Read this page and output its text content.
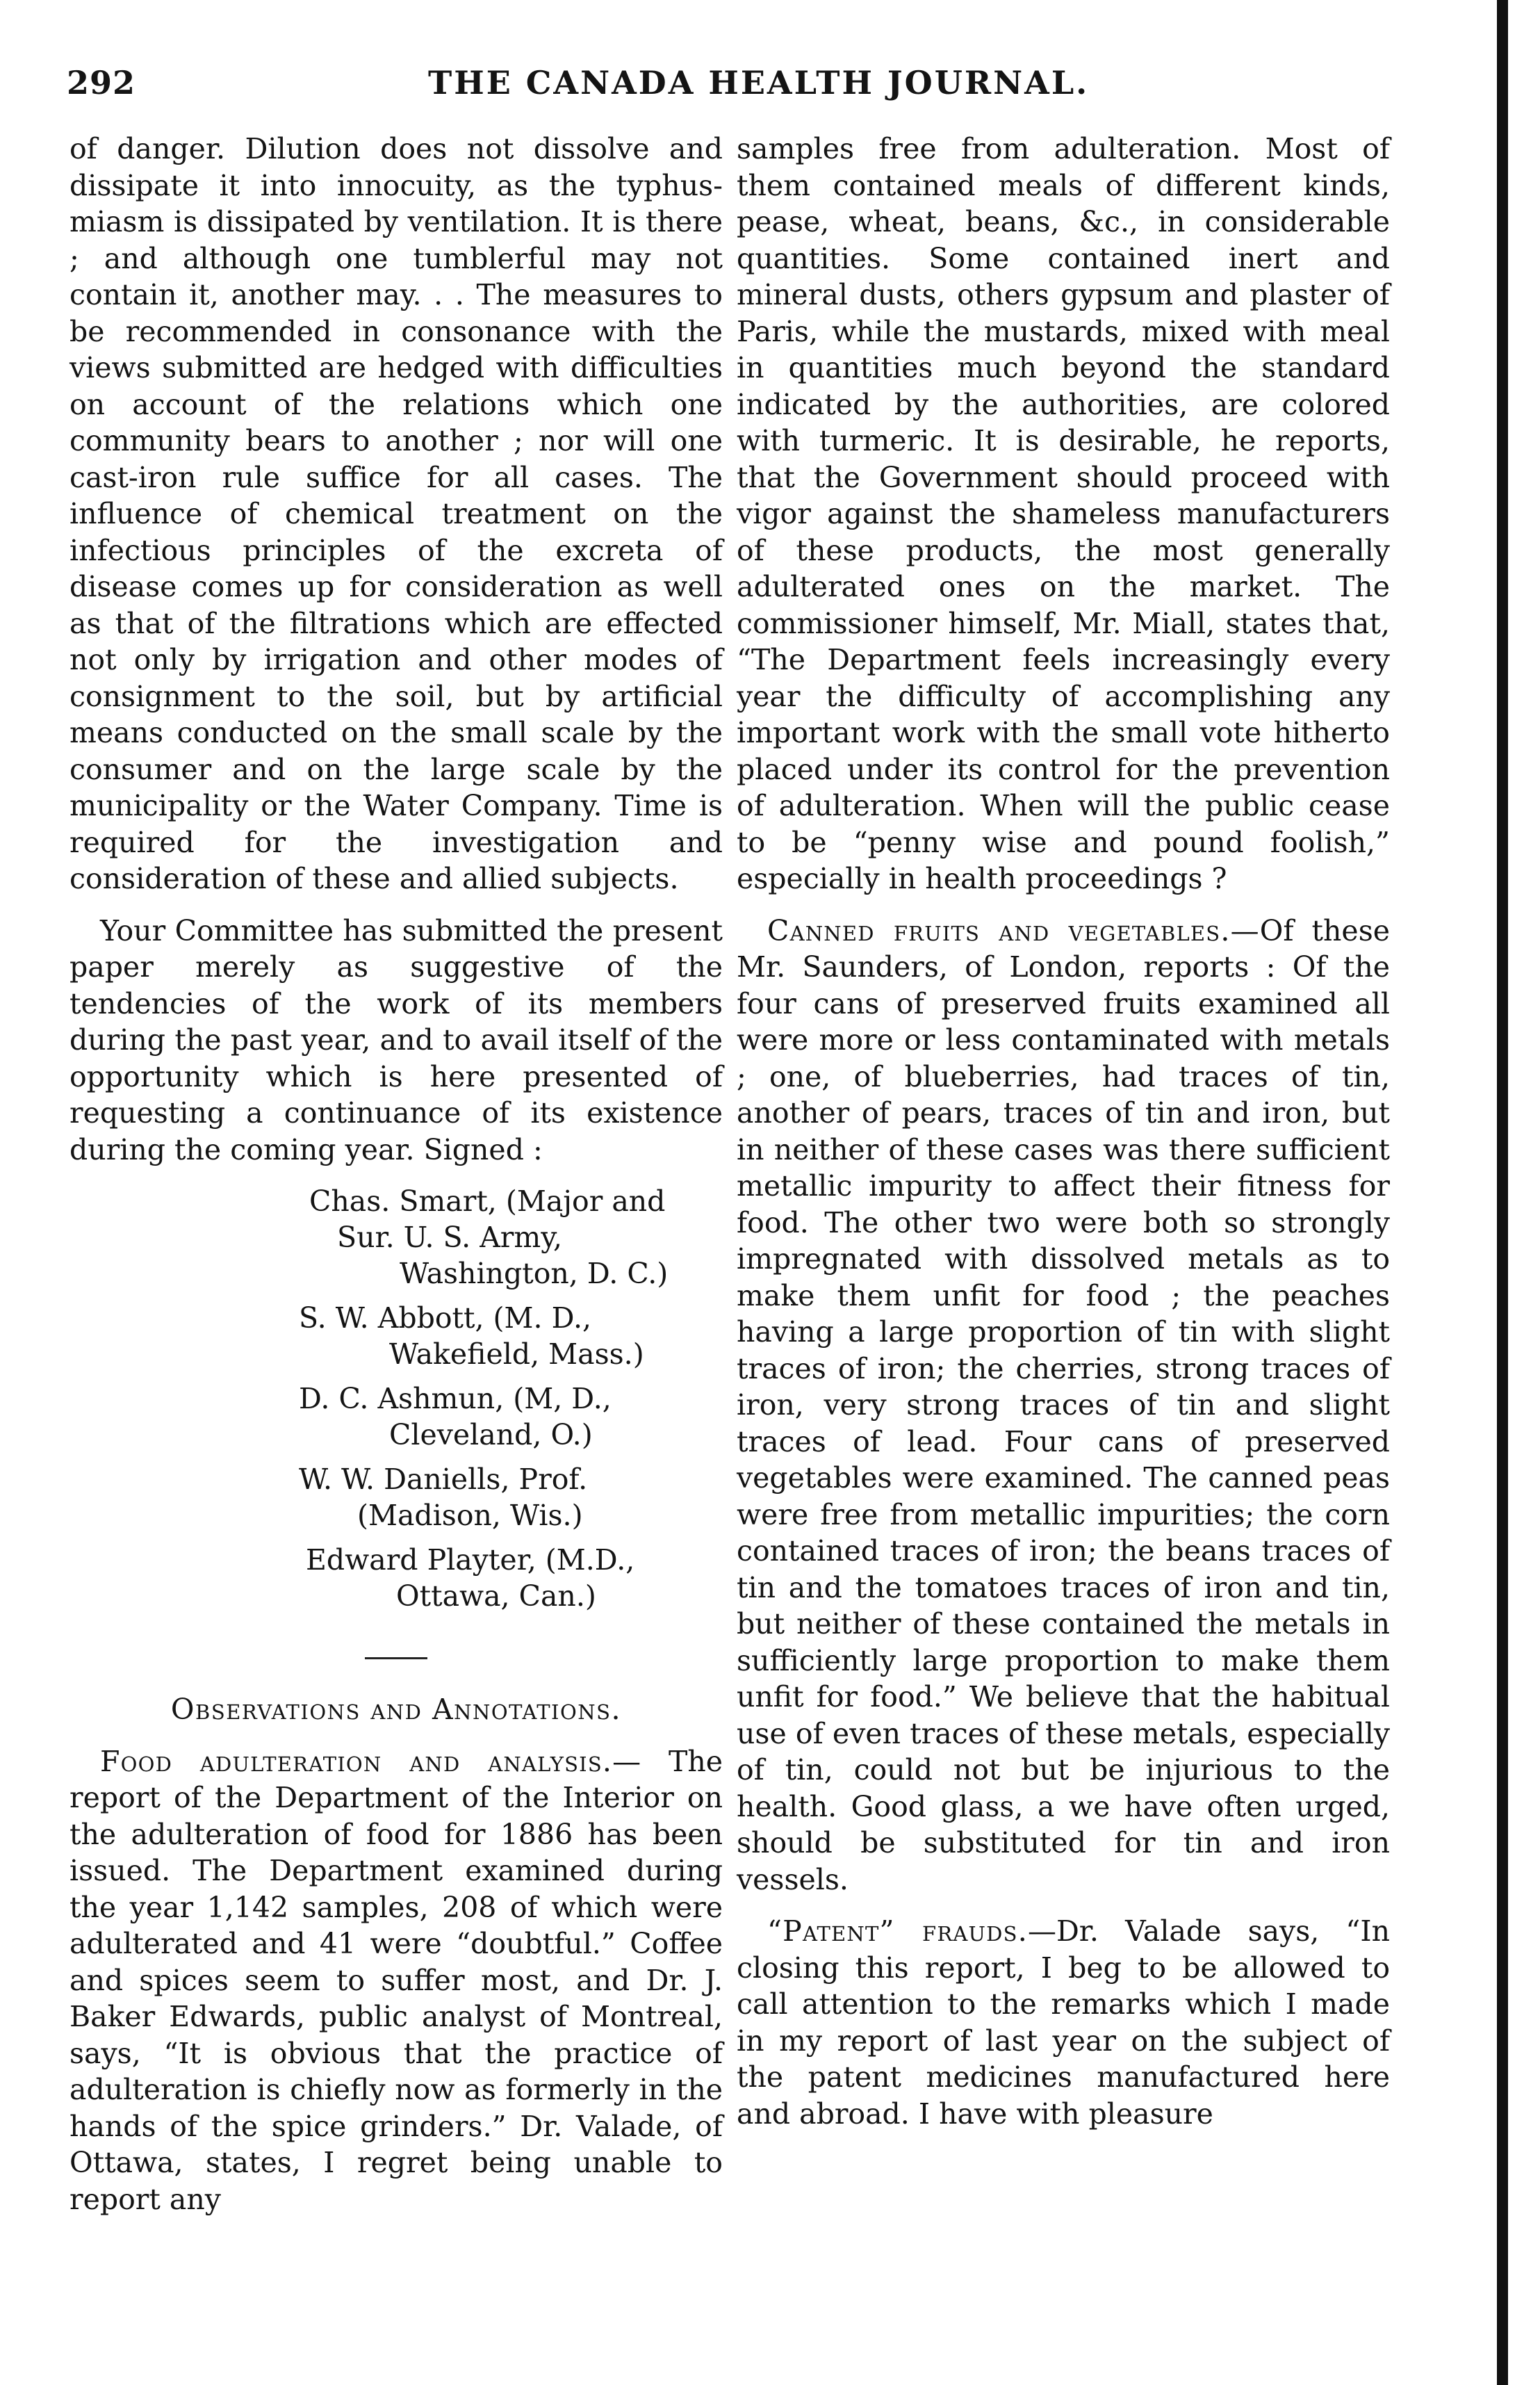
292	THE CANADA HEALTH JOURNAL.

of danger. Dilution does not dissolve and dissipate it into innocuity, as the typhus-miasm is dissipated by ventilation. It is there ; and although one tumblerful may not contain it, another may. . . The measures to be recommended in consonance with the views submitted are hedged with difficulties on account of the relations which one community bears to another ; nor will one cast-iron rule suffice for all cases. The influence of chemical treatment on the infectious principles of the excreta of disease comes up for consideration as well as that of the filtrations which are effected not only by irrigation and other modes of consignment to the soil, but by artificial means conducted on the small scale by the consumer and on the large scale by the municipality or the Water Company. Time is required for the investigation and consideration of these and allied subjects.

Your Committee has submitted the present paper merely as suggestive of the tendencies of the work of its members during the past year, and to avail itself of the opportunity which is here presented of requesting a continuance of its existence during the coming year. Signed :

Chas. Smart, (Major and
Sur. U. S. Army,
Washington, D. C.)
S. W. Abbott, (M. D.,
Wakefield, Mass.)
D. C. Ashmun, (M, D.,
Cleveland, O.)
W. W. Daniells, Prof.
(Madison, Wis.)
Edward Playter, (M.D.,
Ottawa, Can.)

Observations and Annotations.

Food adulteration and analysis.— The report of the Department of the Interior on the adulteration of food for 1886 has been issued. The Department examined during the year 1,142 samples, 208 of which were adulterated and 41 were “doubtful.” Coffee and spices seem to suffer most, and Dr. J. Baker Edwards, public analyst of Montreal, says, “It is obvious that the practice of adulteration is chiefly now as formerly in the hands of the spice grinders.” Dr. Valade, of Ottawa, states, I regret being unable to report any

samples free from adulteration. Most of them contained meals of different kinds, pease, wheat, beans, &c., in considerable quantities. Some contained inert and mineral dusts, others gypsum and plaster of Paris, while the mustards, mixed with meal in quantities much beyond the standard indicated by the authorities, are colored with turmeric. It is desirable, he reports, that the Government should proceed with vigor against the shameless manufacturers of these products, the most generally adulterated ones on the market. The commissioner himself, Mr. Miall, states that, “The Department feels increasingly every year the difficulty of accomplishing any important work with the small vote hitherto placed under its control for the prevention of adulteration. When will the public cease to be “penny wise and pound foolish,” especially in health proceedings ?

Canned fruits and vegetables.—Of these Mr. Saunders, of London, reports : Of the four cans of preserved fruits examined all were more or less contaminated with metals ; one, of blueberries, had traces of tin, another of pears, traces of tin and iron, but in neither of these cases was there sufficient metallic impurity to affect their fitness for food. The other two were both so strongly impregnated with dissolved metals as to make them unfit for food ; the peaches having a large proportion of tin with slight traces of iron; the cherries, strong traces of iron, very strong traces of tin and slight traces of lead. Four cans of preserved vegetables were examined. The canned peas were free from metallic impurities; the corn contained traces of iron; the beans traces of tin and the tomatoes traces of iron and tin, but neither of these contained the metals in sufficiently large proportion to make them unfit for food.” We believe that the habitual use of even traces of these metals, especially of tin, could not but be injurious to the health. Good glass, a we have often urged, should be substituted for tin and iron vessels.

“Patent” frauds.—Dr. Valade says, “In closing this report, I beg to be allowed to call attention to the remarks which I made in my report of last year on the subject of the patent medicines manufactured here and abroad. I have with pleasure
